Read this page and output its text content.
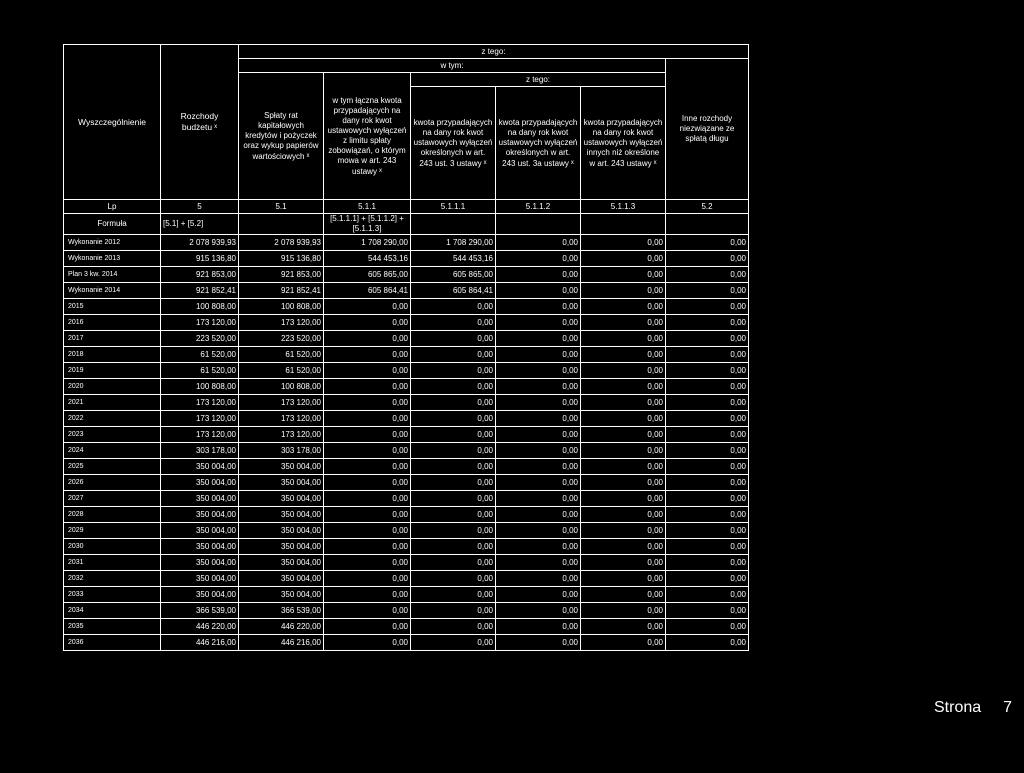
Wyszczególnienie	Rozchody budżetu $^x$	z tego:					
		w tym:					Inne rozchody niezwiązane ze spłatą długu
		Spłaty rat kapitałowych kredytów i pożyczek oraz wykup papierów wartościowych $^x$	w tym łączna kwota przypadających na dany rok kwot ustawowych wyłączeń z limitu spłaty zobowiązań, o którym mowa w art. 243 ustawy $^x$	z tego:			
				kwota przypadających na dany rok kwot ustawowych wyłączeń określonych w art. 243 ust. 3 ustawy $^x$	kwota przypadających na dany rok kwot ustawowych wyłączeń określonych w art. 243 ust. 3a ustawy $^x$	kwota przypadających na dany rok kwot ustawowych wyłączeń innych niż określone w art. 243 ustawy $^x$
Lp	5	5.1	5.1.1	5.1.1.1	5.1.1.2	5.1.1.3	5.2
Formuła	[5.1] + [5.2]		[5.1.1.1] + [5.1.1.2] + [5.1.1.3]				
Wykonanie 2012	2 078 939,93	2 078 939,93	1 708 290,00	1 708 290,00	0,00	0,00	0,00
Wykonanie 2013	915 136,80	915 136,80	544 453,16	544 453,16	0,00	0,00	0,00
Plan 3 kw. 2014	921 853,00	921 853,00	605 865,00	605 865,00	0,00	0,00	0,00
Wykonanie 2014	921 852,41	921 852,41	605 864,41	605 864,41	0,00	0,00	0,00
2015	100 808,00	100 808,00	0,00	0,00	0,00	0,00	0,00
2016	173 120,00	173 120,00	0,00	0,00	0,00	0,00	0,00
2017	223 520,00	223 520,00	0,00	0,00	0,00	0,00	0,00
2018	61 520,00	61 520,00	0,00	0,00	0,00	0,00	0,00
2019	61 520,00	61 520,00	0,00	0,00	0,00	0,00	0,00
2020	100 808,00	100 808,00	0,00	0,00	0,00	0,00	0,00
2021	173 120,00	173 120,00	0,00	0,00	0,00	0,00	0,00
2022	173 120,00	173 120,00	0,00	0,00	0,00	0,00	0,00
2023	173 120,00	173 120,00	0,00	0,00	0,00	0,00	0,00
2024	303 178,00	303 178,00	0,00	0,00	0,00	0,00	0,00
2025	350 004,00	350 004,00	0,00	0,00	0,00	0,00	0,00
2026	350 004,00	350 004,00	0,00	0,00	0,00	0,00	0,00
2027	350 004,00	350 004,00	0,00	0,00	0,00	0,00	0,00
2028	350 004,00	350 004,00	0,00	0,00	0,00	0,00	0,00
2029	350 004,00	350 004,00	0,00	0,00	0,00	0,00	0,00
2030	350 004,00	350 004,00	0,00	0,00	0,00	0,00	0,00
2031	350 004,00	350 004,00	0,00	0,00	0,00	0,00	0,00
2032	350 004,00	350 004,00	0,00	0,00	0,00	0,00	0,00
2033	350 004,00	350 004,00	0,00	0,00	0,00	0,00	0,00
2034	366 539,00	366 539,00	0,00	0,00	0,00	0,00	0,00
2035	446 220,00	446 220,00	0,00	0,00	0,00	0,00	0,00
2036	446 216,00	446 216,00	0,00	0,00	0,00	0,00	0,00
Strona 7
